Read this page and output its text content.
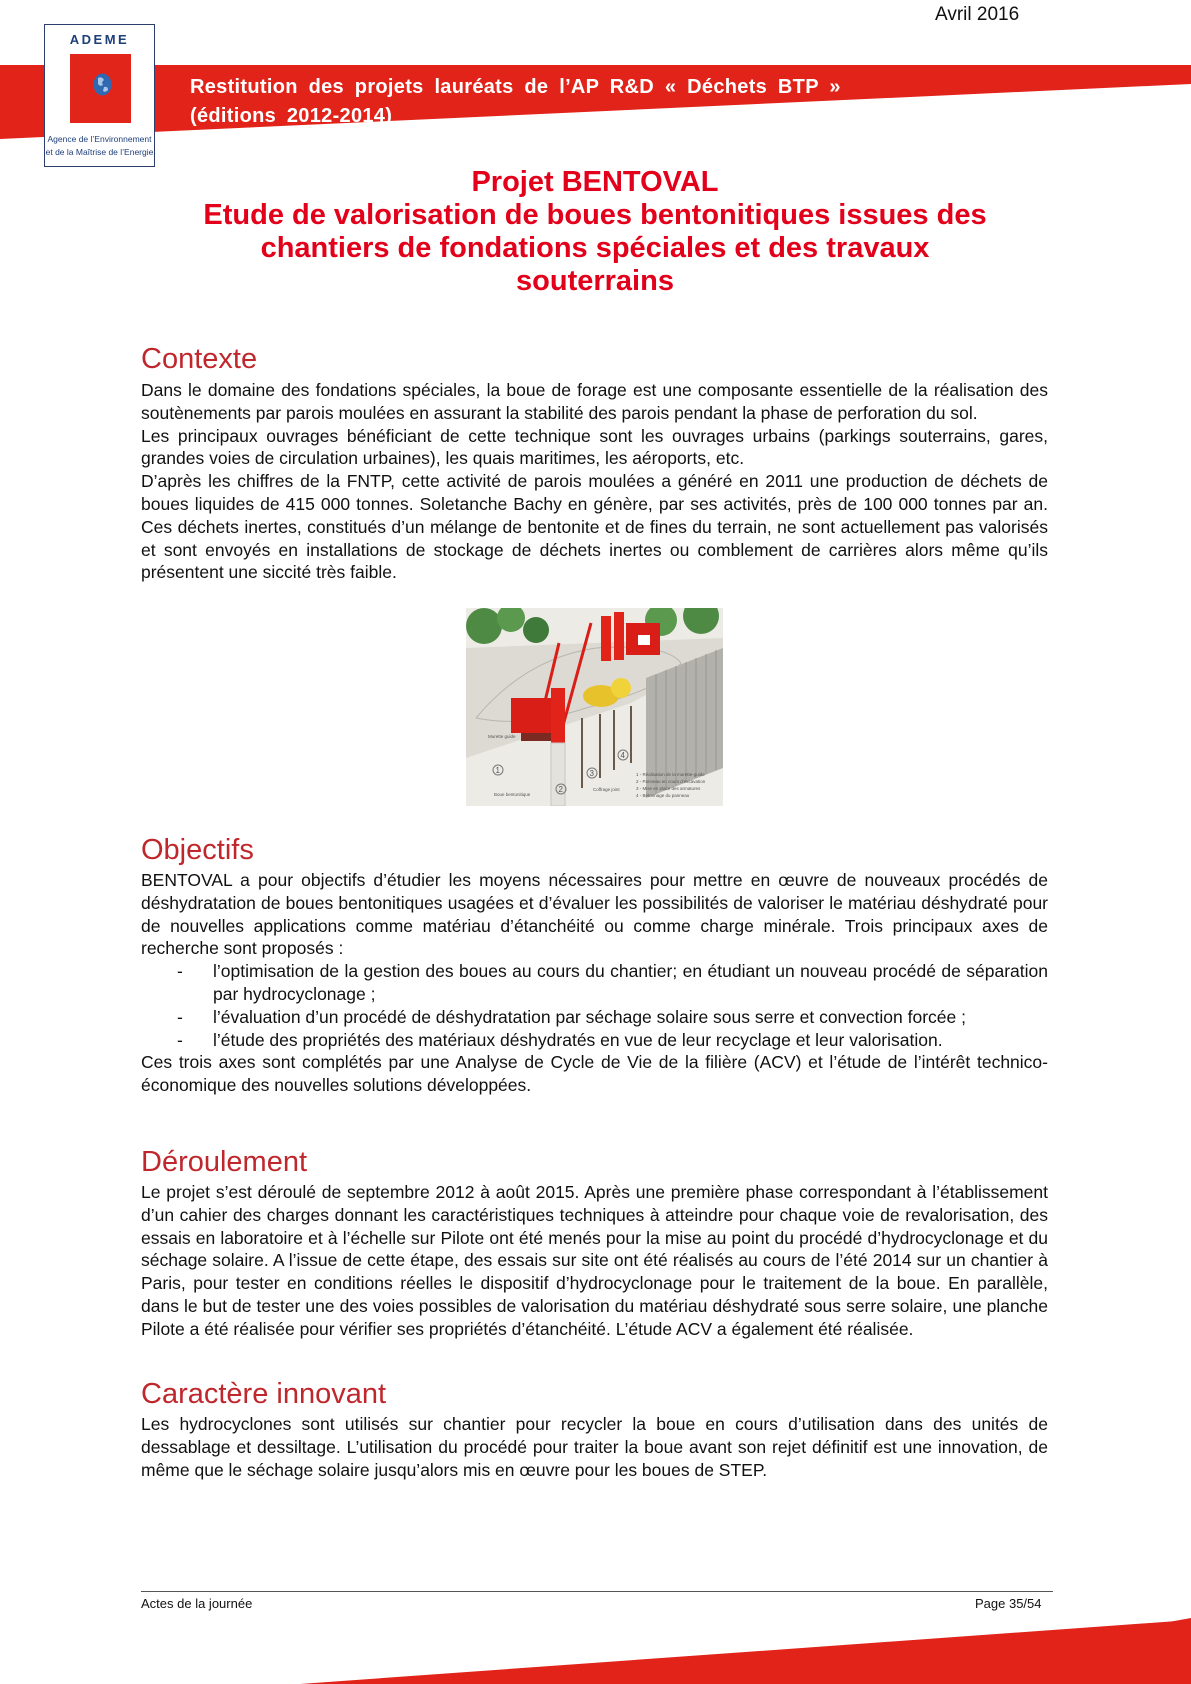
Avril 2016
Restitution des projets lauréats de l’AP R&D « Déchets BTP »
(éditions 2012-2014)
ADEME
Agence de l’Environnement
et de la Maîtrise de l’Energie
Projet BENTOVAL
Etude de valorisation de boues bentonitiques issues des
chantiers de fondations spéciales et des travaux
souterrains
Contexte

Dans le domaine des fondations spéciales, la boue de forage est une composante essentielle de la réalisation des soutènements par parois moulées en assurant la stabilité des parois pendant la phase de perforation du sol.

Les principaux ouvrages bénéficiant de cette technique sont les ouvrages urbains (parkings souterrains, gares, grandes voies de circulation urbaines), les quais maritimes, les aéroports, etc.

D’après les chiffres de la FNTP, cette activité de parois moulées a généré en 2011 une production de déchets de boues liquides de 415 000 tonnes. Soletanche Bachy en génère, par ses activités, près de 100 000 tonnes par an. Ces déchets inertes, constitués d’un mélange de bentonite et de fines du terrain, ne sont actuellement pas valorisés et sont envoyés en installations de stockage de déchets inertes ou comblement de carrières alors même qu’ils présentent une siccité très faible.

1
2
3
4
Murette guide
Boue bentonitique
Coffrage joint
1 - Réalisation de la murette-guide
2 - Panneau en cours d’excavation
3 - Mise en place des armatures
4 - Bétonnage du panneau
Objectifs

BENTOVAL a pour objectifs d’étudier les moyens nécessaires pour mettre en œuvre de nouveaux procédés de déshydratation de boues bentonitiques usagées et d’évaluer les possibilités de valoriser le matériau déshydraté pour de nouvelles applications comme matériau d’étanchéité ou comme charge minérale. Trois principaux axes de recherche sont proposés :

- l’optimisation de la gestion des boues au cours du chantier; en étudiant un nouveau procédé de séparation par hydrocyclonage ;
- l’évaluation d’un procédé de déshydratation par séchage solaire sous serre et convection forcée ;
- l’étude des propriétés des matériaux déshydratés en vue de leur recyclage et leur valorisation.

Ces trois axes sont complétés par une Analyse de Cycle de Vie de la filière (ACV) et l’étude de l’intérêt technico-économique des nouvelles solutions développées.

Déroulement

Le projet s’est déroulé de septembre 2012 à août 2015. Après une première phase correspondant à l’établissement d’un cahier des charges donnant les caractéristiques techniques à atteindre pour chaque voie de revalorisation, des essais en laboratoire et à l’échelle sur Pilote ont été menés pour la mise au point du procédé d’hydrocyclonage et du séchage solaire. A l’issue de cette étape, des essais sur site ont été réalisés au cours de l’été 2014 sur un chantier à Paris, pour tester en conditions réelles le dispositif d’hydrocyclonage pour le traitement de la boue. En parallèle, dans le but de tester une des voies possibles de valorisation du matériau déshydraté sous serre solaire, une planche Pilote a été réalisée pour vérifier ses propriétés d’étanchéité. L’étude ACV a également été réalisée.

Caractère innovant

Les hydrocyclones sont utilisés sur chantier pour recycler la boue en cours d’utilisation dans des unités de dessablage et dessiltage. L’utilisation du procédé pour traiter la boue avant son rejet définitif est une innovation, de même que le séchage solaire jusqu’alors mis en œuvre pour les boues de STEP.

Actes de la journée	Page 35/54
